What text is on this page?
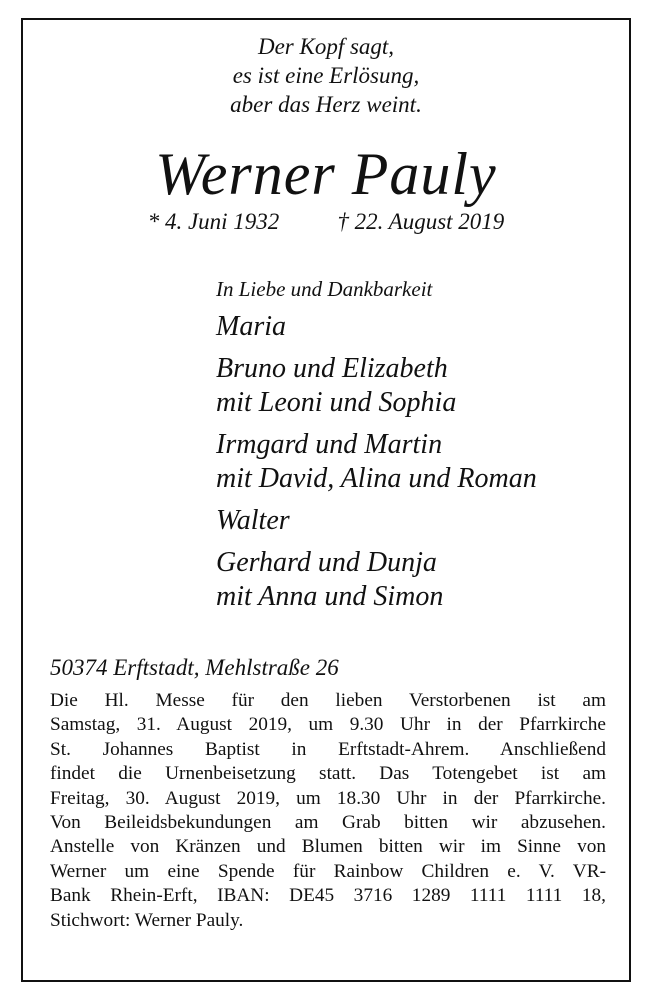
Der Kopf sagt,
es ist eine Erlösung,
aber das Herz weint.
Werner Pauly
* 4. Juni 1932	† 22. August 2019
In Liebe und Dankbarkeit
Maria
Bruno und Elizabeth
mit Leoni und Sophia
Irmgard und Martin
mit David, Alina und Roman
Walter
Gerhard und Dunja
mit Anna und Simon
50374 Erftstadt, Mehlstraße 26
Die Hl. Messe für den lieben Verstorbenen ist am
Samstag, 31. August 2019, um 9.30 Uhr in der Pfarrkirche
St. Johannes Baptist in Erftstadt-Ahrem. Anschließend
findet die Urnenbeisetzung statt. Das Totengebet ist am
Freitag, 30. August 2019, um 18.30 Uhr in der Pfarrkirche.
Von Beileidsbekundungen am Grab bitten wir abzusehen.
Anstelle von Kränzen und Blumen bitten wir im Sinne von
Werner um eine Spende für Rainbow Children e. V. VR-
Bank Rhein-Erft, IBAN: DE45 3716 1289 1111 1111 18,
Stichwort: Werner Pauly.
